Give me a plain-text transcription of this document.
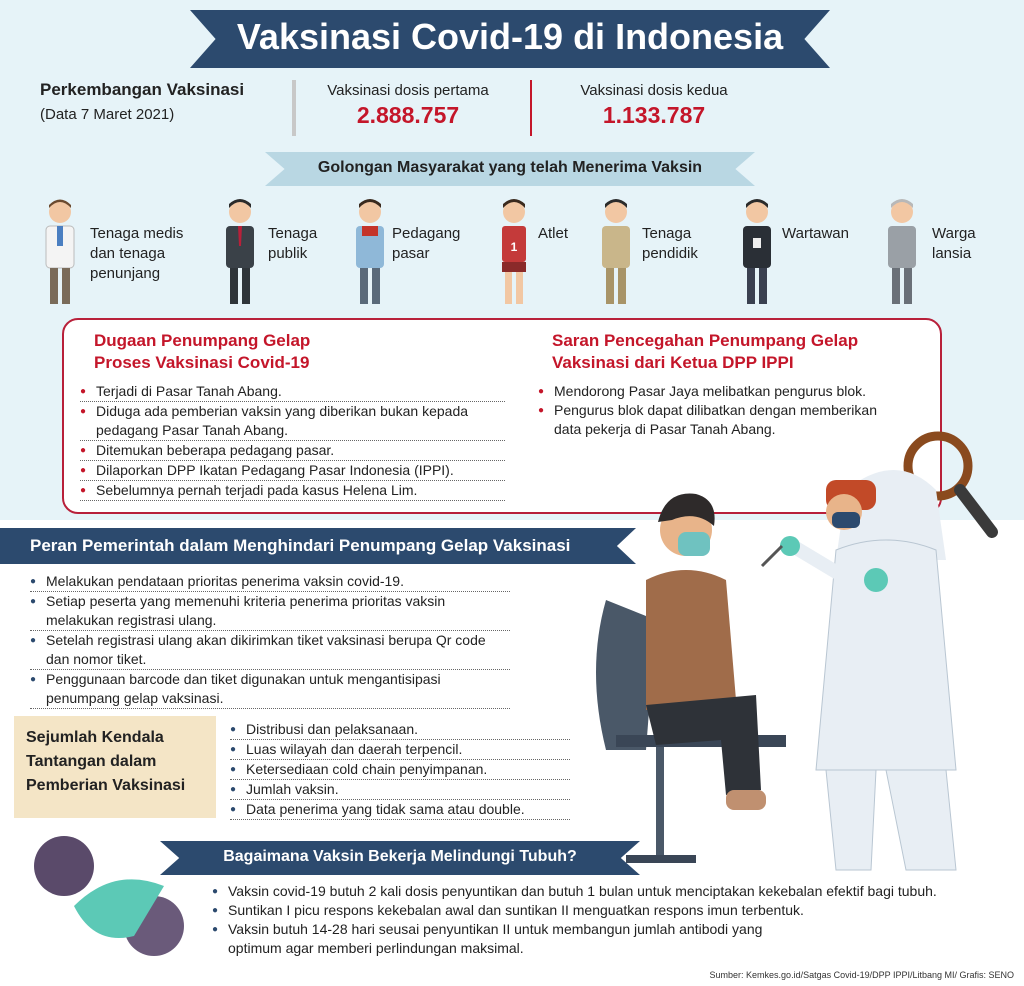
Vaksinasi Covid-19 di Indonesia
Perkembangan Vaksinasi
(Data 7 Maret 2021)
Vaksinasi dosis pertama
2.888.757
Vaksinasi dosis kedua
1.133.787
Golongan Masyarakat yang telah Menerima Vaksin
1
Tenaga medis
dan tenaga
penunjang
Tenaga
publik
Pedagang
pasar
Atlet	Tenaga
pendidik
Wartawan	Warga
lansia
Dugaan Penumpang Gelap
Proses Vaksinasi Covid-19
● Terjadi di Pasar Tanah Abang.
● Diduga ada pemberian vaksin yang diberikan bukan kepada pedagang Pasar Tanah Abang.
● Ditemukan beberapa pedagang pasar.
● Dilaporkan DPP Ikatan Pedagang Pasar Indonesia (IPPI).
● Sebelumnya pernah terjadi pada kasus Helena Lim.
Saran Pencegahan Penumpang Gelap
Vaksinasi dari Ketua DPP IPPI
● Mendorong Pasar Jaya melibatkan pengurus blok.
● Pengurus blok dapat dilibatkan dengan memberikan data pekerja di Pasar Tanah Abang.
Peran Pemerintah dalam Menghindari Penumpang Gelap Vaksinasi
● Melakukan pendataan prioritas penerima vaksin covid-19.
● Setiap peserta yang memenuhi kriteria penerima prioritas vaksin melakukan registrasi ulang.
● Setelah registrasi ulang akan dikirimkan tiket vaksinasi berupa Qr code dan nomor tiket.
● Penggunaan barcode dan tiket digunakan untuk mengantisipasi penumpang gelap vaksinasi.
Sejumlah Kendala
Tantangan dalam
Pemberian Vaksinasi
● Distribusi dan pelaksanaan.
● Luas wilayah dan daerah terpencil.
● Ketersediaan cold chain penyimpanan.
● Jumlah vaksin.
● Data penerima yang tidak sama atau double.
Bagaimana Vaksin Bekerja Melindungi Tubuh?
● Vaksin covid-19 butuh 2 kali dosis penyuntikan dan butuh 1 bulan untuk menciptakan kekebalan efektif bagi tubuh.
● Suntikan I picu respons kekebalan awal dan suntikan II menguatkan respons imun terbentuk.
● Vaksin butuh 14-28 hari seusai penyuntikan II untuk membangun jumlah antibodi yang optimum agar memberi perlindungan maksimal.
Sumber: Kemkes.go.id/Satgas Covid-19/DPP IPPI/Litbang MI/ Grafis: SENO
